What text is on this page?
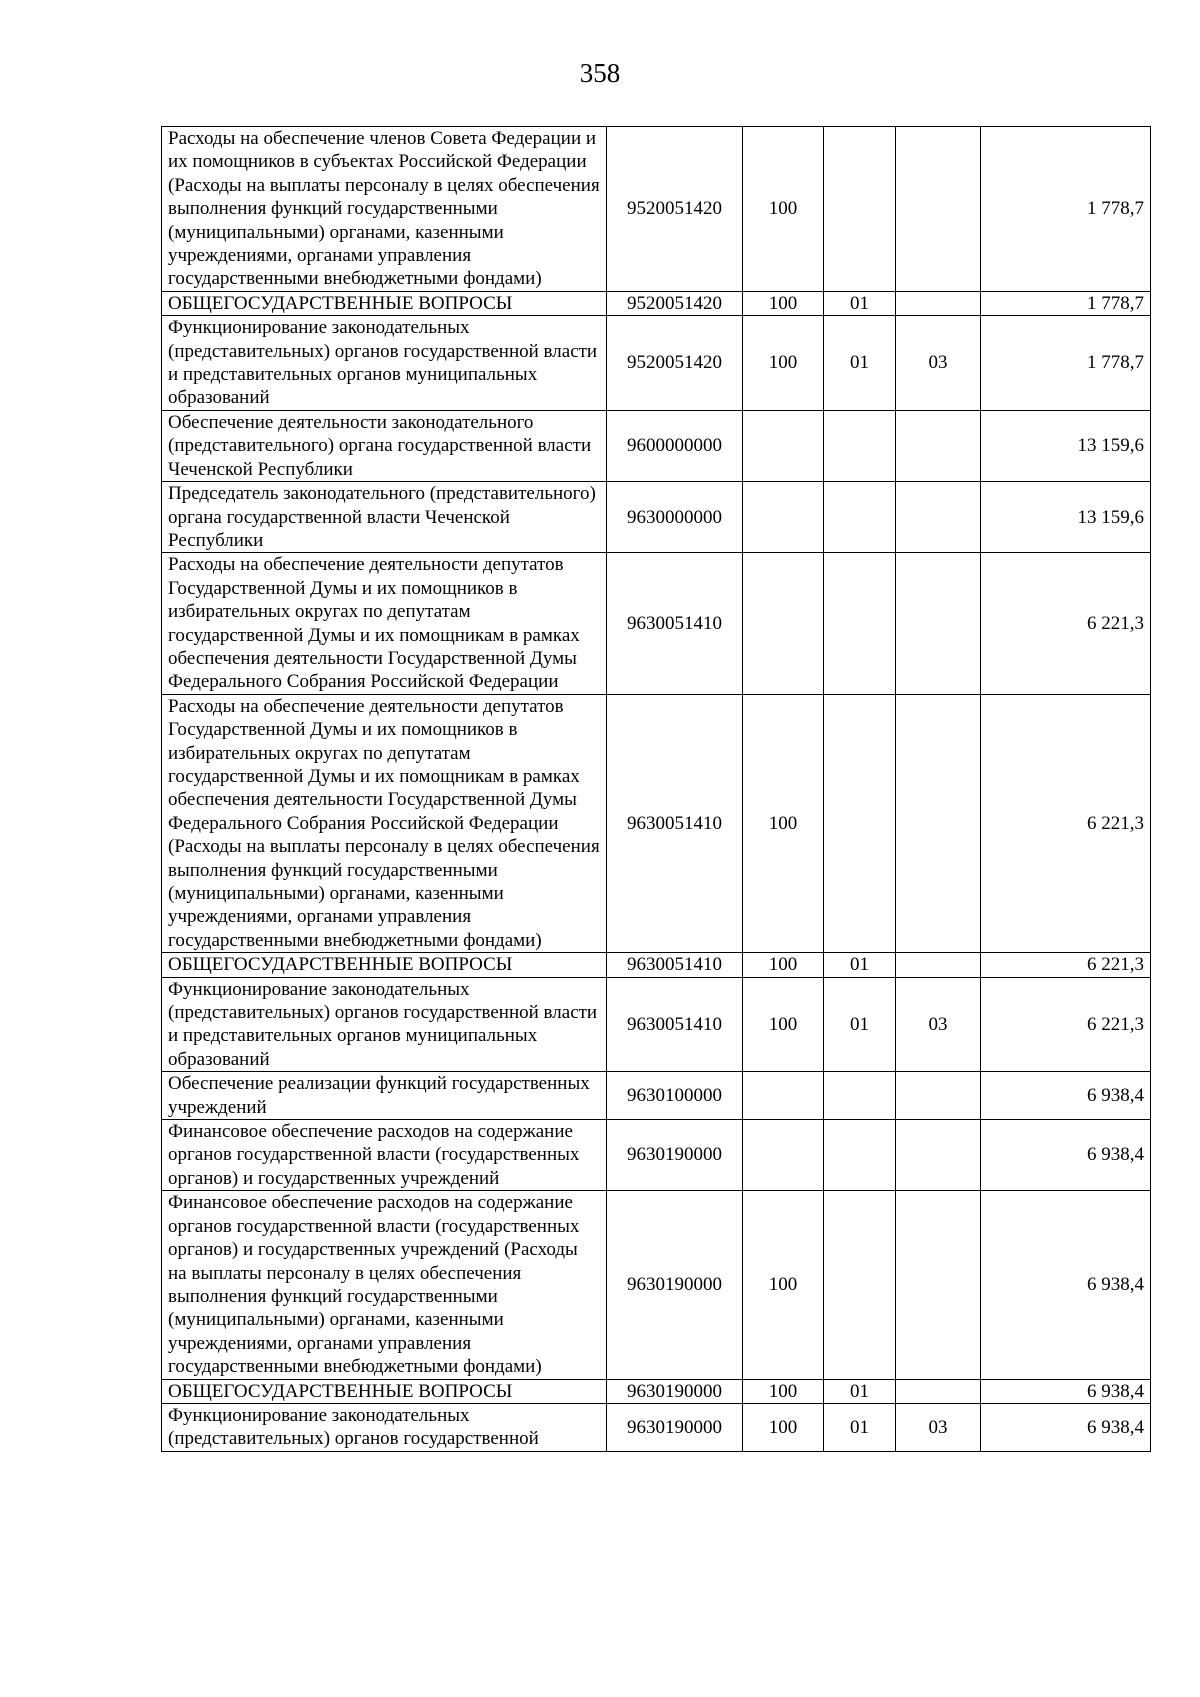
358
Расходы на обеспечение членов Совета Федерации и их помощников в субъектах Российской Федерации (Расходы на выплаты персоналу в целях обеспечения выполнения функций государственными (муниципальными) органами, казенными учреждениями, органами управления государственными внебюджетными фондами)	9520051420	100			1 778,7
ОБЩЕГОСУДАРСТВЕННЫЕ ВОПРОСЫ	9520051420	100	01		1 778,7
Функционирование законодательных (представительных) органов государственной власти и представительных органов муниципальных образований	9520051420	100	01	03	1 778,7
Обеспечение деятельности законодательного (представительного) органа государственной власти Чеченской Республики	9600000000				13 159,6
Председатель законодательного (представительного) органа государственной власти Чеченской Республики	9630000000				13 159,6
Расходы на обеспечение деятельности депутатов Государственной Думы и их помощников в избирательных округах по депутатам государственной Думы и их помощникам в рамках обеспечения деятельности Государственной Думы Федерального Собрания Российской Федерации	9630051410				6 221,3
Расходы на обеспечение деятельности депутатов Государственной Думы и их помощников в избирательных округах по депутатам государственной Думы и их помощникам в рамках обеспечения деятельности Государственной Думы Федерального Собрания Российской Федерации (Расходы на выплаты персоналу в целях обеспечения выполнения функций государственными (муниципальными) органами, казенными учреждениями, органами управления государственными внебюджетными фондами)	9630051410	100			6 221,3
ОБЩЕГОСУДАРСТВЕННЫЕ ВОПРОСЫ	9630051410	100	01		6 221,3
Функционирование законодательных (представительных) органов государственной власти и представительных органов муниципальных образований	9630051410	100	01	03	6 221,3
Обеспечение реализации функций государственных учреждений	9630100000				6 938,4
Финансовое обеспечение расходов на содержание органов государственной власти (государственных органов) и государственных учреждений	9630190000				6 938,4
Финансовое обеспечение расходов на содержание органов государственной власти (государственных органов) и государственных учреждений (Расходы на выплаты персоналу в целях обеспечения выполнения функций государственными (муниципальными) органами, казенными учреждениями, органами управления государственными внебюджетными фондами)	9630190000	100			6 938,4
ОБЩЕГОСУДАРСТВЕННЫЕ ВОПРОСЫ	9630190000	100	01		6 938,4
Функционирование законодательных (представительных) органов государственной	9630190000	100	01	03	6 938,4
